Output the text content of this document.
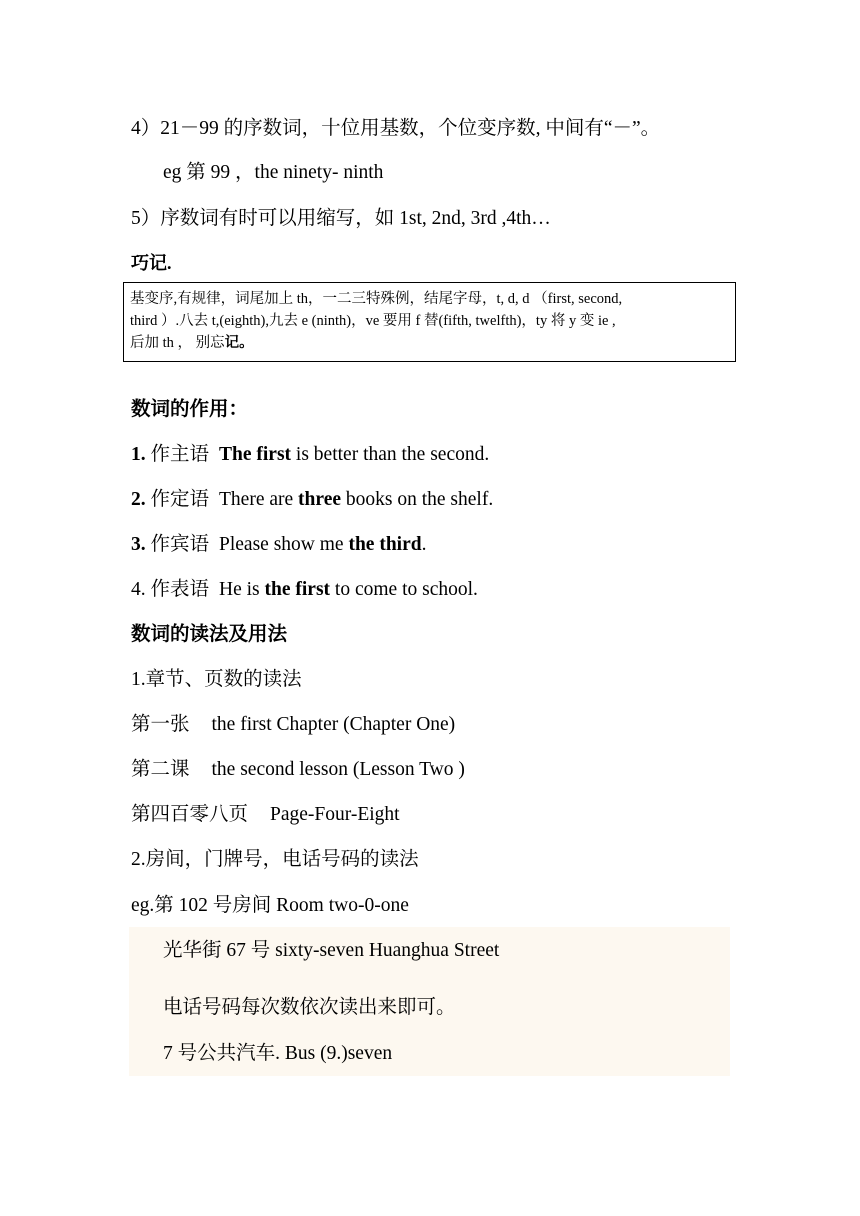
4）21－99 的序数词，十位用基数，个位变序数, 中间有“－”。
eg 第 99 ，the ninety- ninth
5）序数词有时可以用缩写，如 1st, 2nd, 3rd ,4th…
巧记.

基变序,有规律，词尾加上 th，一二三特殊例，结尾字母，t, d, d （first, second,

third ）.八去 t,(eighth),九去 e (ninth)，ve 要用 f 替(fifth, twelfth)，ty 将 y 变 ie ,

后加 th ， 别忘记。

数词的作用：
1. 作主语 The first is better than the second.
2. 作定语 There are three books on the shelf.
3. 作宾语 Please show me the third.
4. 作表语 He is the first to come to school.
数词的读法及用法
1.章节、页数的读法
第一张 the first Chapter (Chapter One)
第二课 the second lesson (Lesson Two )
第四百零八页 Page-Four-Eight
2.房间，门牌号，电话号码的读法
eg.第 102 号房间 Room two-0-one
光华街 67 号 sixty-seven Huanghua Street
电话号码每次数依次读出来即可。
7 号公共汽车. Bus (9.)seven
